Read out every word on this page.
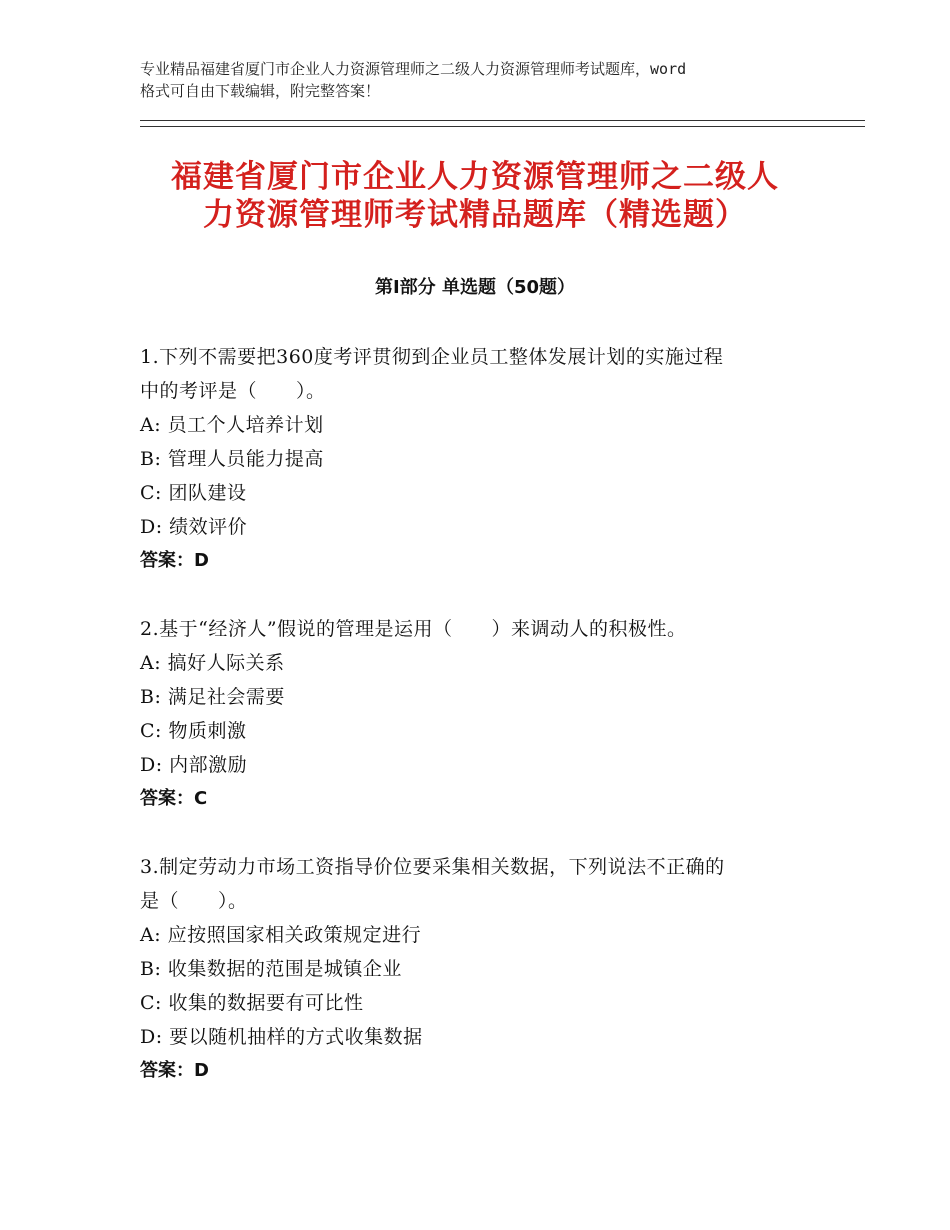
专业精品福建省厦门市企业人力资源管理师之二级人力资源管理师考试题库，word
格式可自由下载编辑，附完整答案！
福建省厦门市企业人力资源管理师之二级人
力资源管理师考试精品题库（精选题）
第Ⅰ部分 单选题（50题）
1.下列不需要把360度考评贯彻到企业员工整体发展计划的实施过程
中的考评是（　　）。
A: 员工个人培养计划
B: 管理人员能力提高
C: 团队建设
D: 绩效评价
答案：D
2.基于“经济人”假说的管理是运用（　　）来调动人的积极性。
A: 搞好人际关系
B: 满足社会需要
C: 物质刺激
D: 内部激励
答案：C
3.制定劳动力市场工资指导价位要采集相关数据，下列说法不正确的
是（　　）。
A: 应按照国家相关政策规定进行
B: 收集数据的范围是城镇企业
C: 收集的数据要有可比性
D: 要以随机抽样的方式收集数据
答案：D
